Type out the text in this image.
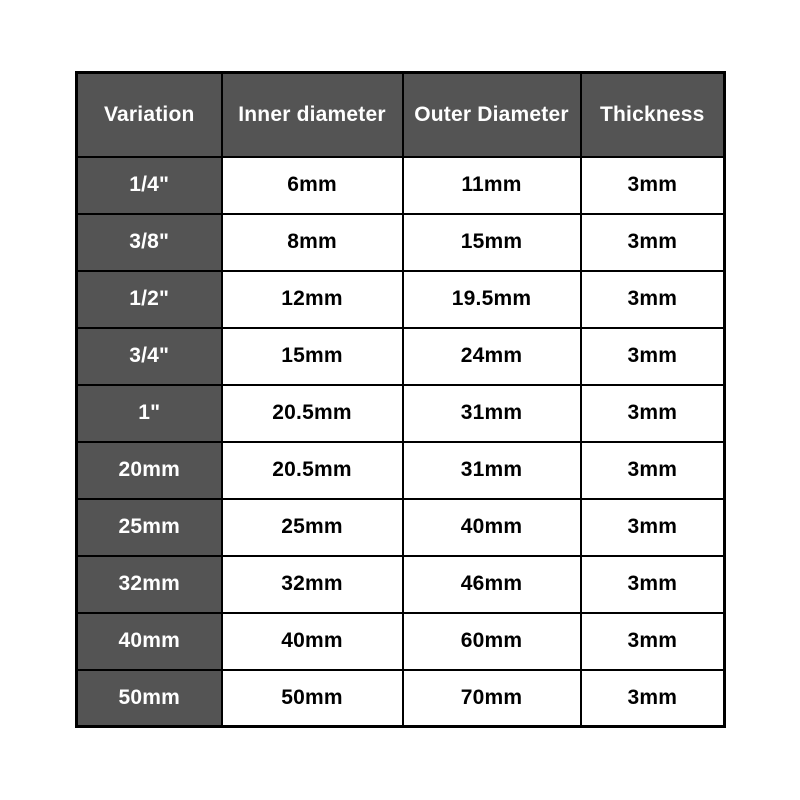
Variation	Inner diameter	Outer Diameter	Thickness
1/4"	6mm	11mm	3mm
3/8"	8mm	15mm	3mm
1/2"	12mm	19.5mm	3mm
3/4"	15mm	24mm	3mm
1"	20.5mm	31mm	3mm
20mm	20.5mm	31mm	3mm
25mm	25mm	40mm	3mm
32mm	32mm	46mm	3mm
40mm	40mm	60mm	3mm
50mm	50mm	70mm	3mm
